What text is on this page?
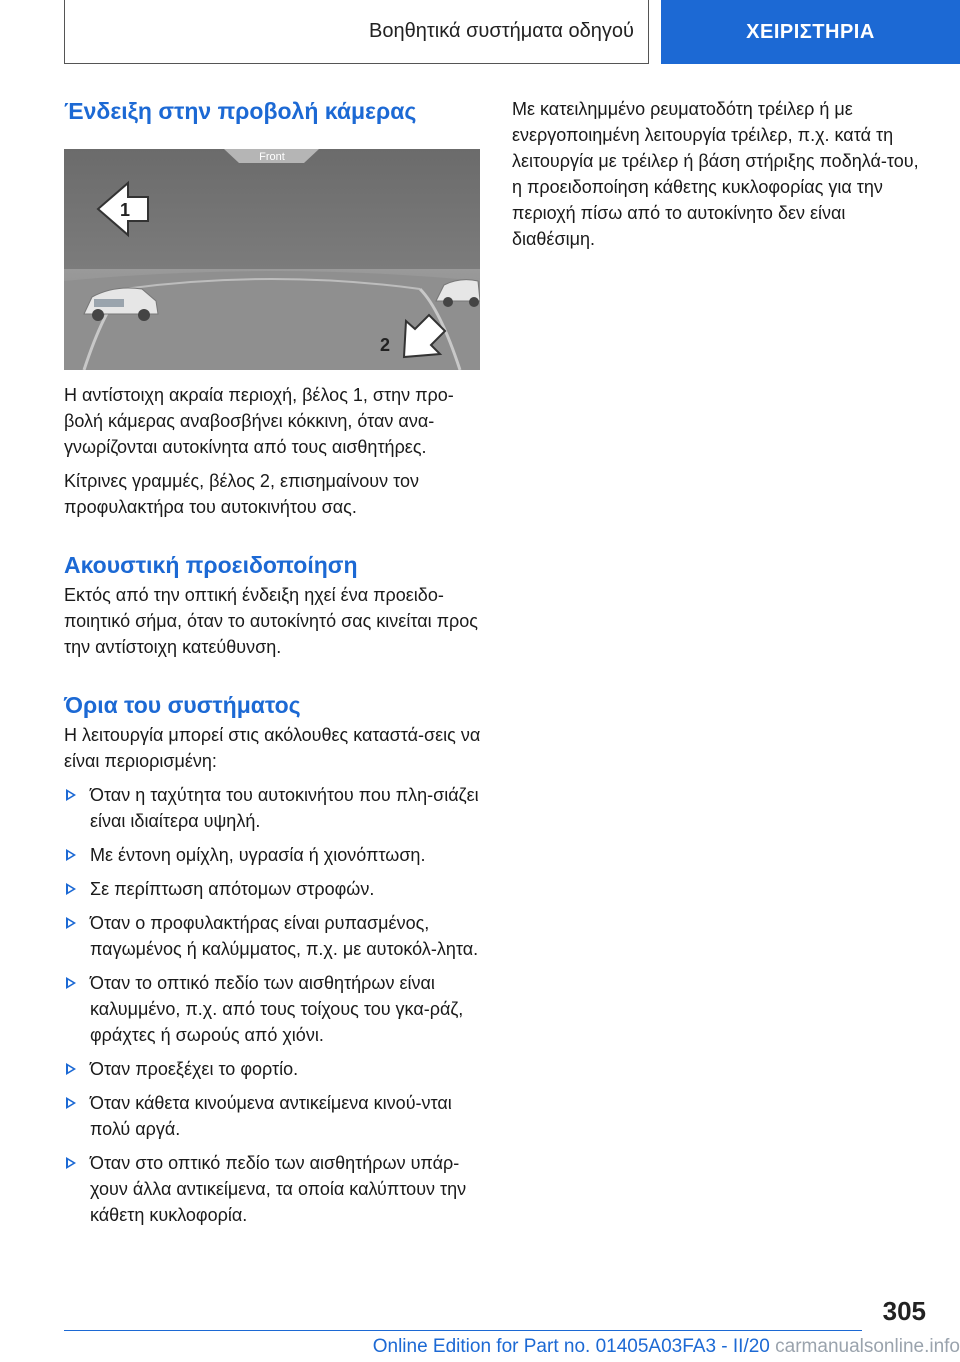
Βοηθητικά συστήματα οδηγού	ΧΕΙΡΙΣΤΗΡΙΑ
Ένδειξη στην προβολή κάμερας
Front
1
2

Η αντίστοιχη ακραία περιοχή, βέλος 1, στην προ-βολή κάμερας αναβοσβήνει κόκκινη, όταν ανα-γνωρίζονται αυτοκίνητα από τους αισθητήρες.

Κίτρινες γραμμές, βέλος 2, επισημαίνουν τον προφυλακτήρα του αυτοκινήτου σας.

Ακουστική προειδοποίηση

Εκτός από την οπτική ένδειξη ηχεί ένα προειδο-ποιητικό σήμα, όταν το αυτοκίνητό σας κινείται προς την αντίστοιχη κατεύθυνση.

Όρια του συστήματος

Η λειτουργία μπορεί στις ακόλουθες καταστά-σεις να είναι περιορισμένη:

Όταν η ταχύτητα του αυτοκινήτου που πλη-σιάζει είναι ιδιαίτερα υψηλή.
Με έντονη ομίχλη, υγρασία ή χιονόπτωση.
Σε περίπτωση απότομων στροφών.
Όταν ο προφυλακτήρας είναι ρυπασμένος, παγωμένος ή καλύμματος, π.χ. με αυτοκόλ-λητα.
Όταν το οπτικό πεδίο των αισθητήρων είναι καλυμμένο, π.χ. από τους τοίχους του γκα-ράζ, φράχτες ή σωρούς από χιόνι.
Όταν προεξέχει το φορτίο.
Όταν κάθετα κινούμενα αντικείμενα κινού-νται πολύ αργά.
Όταν στο οπτικό πεδίο των αισθητήρων υπάρ-χουν άλλα αντικείμενα, τα οποία καλύπτουν την κάθετη κυκλοφορία.

Με κατειλημμένο ρευματοδότη τρέιλερ ή με ενεργοποιημένη λειτουργία τρέιλερ, π.χ. κατά τη λειτουργία με τρέιλερ ή βάση στήριξης ποδηλά-του, η προειδοποίηση κάθετης κυκλοφορίας για την περιοχή πίσω από το αυτοκίνητο δεν είναι διαθέσιμη.

305
Online Edition for Part no. 01405A03FA3 - II/20 carmanualsonline.info
